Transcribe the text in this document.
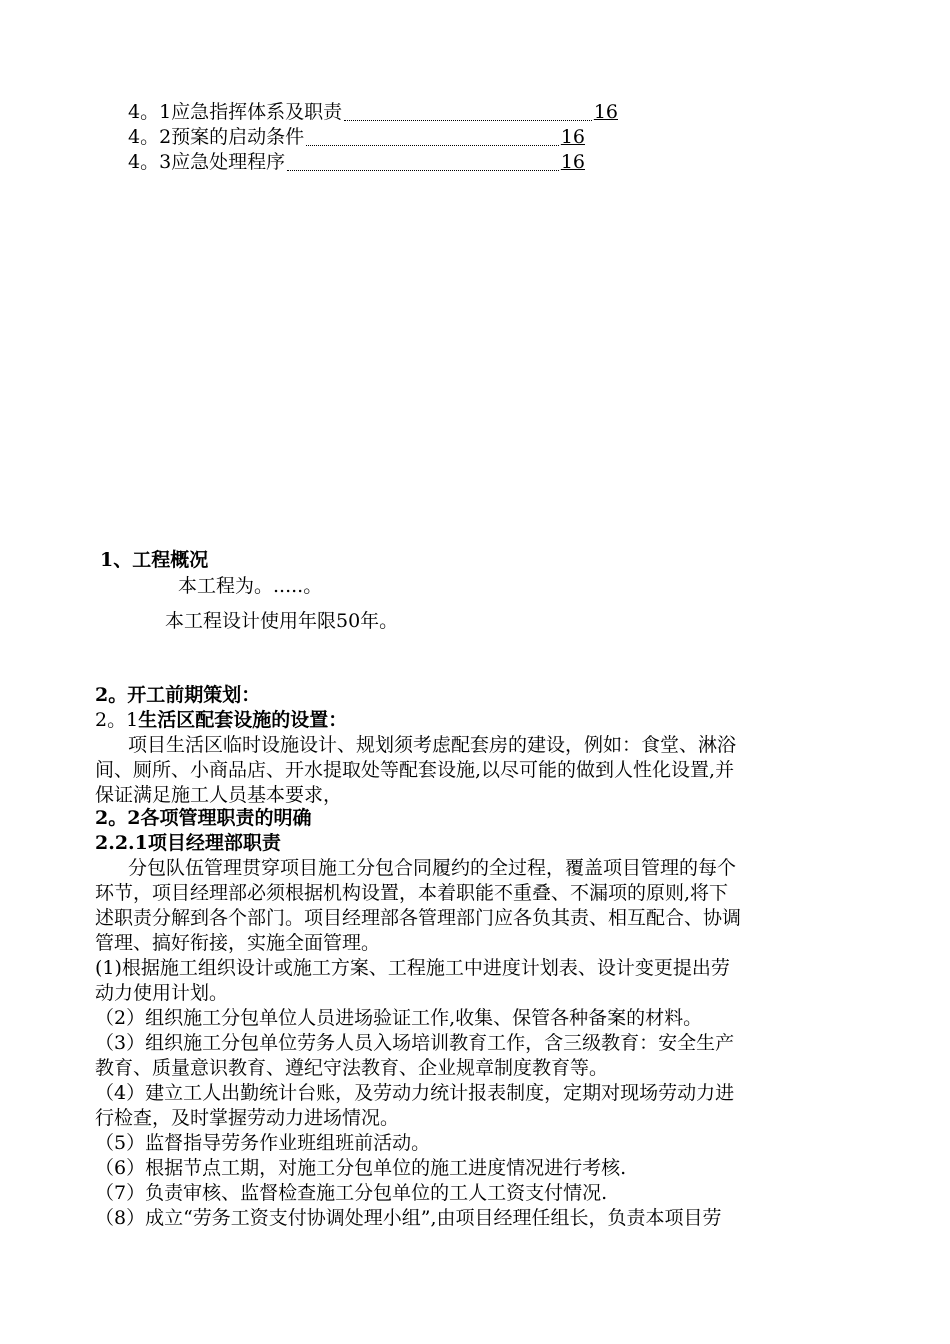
4。1应急指挥体系及职责	16
4。2预案的启动条件	16
4。3应急处理程序	16
1、工程概况
本工程为。.....。
本工程设计使用年限50年。
2。开工前期策划：
2。1生活区配套设施的设置：

项目生活区临时设施设计、规划须考虑配套房的建设，例如：食堂、淋浴

间、厕所、小商品店、开水提取处等配套设施,以尽可能的做到人性化设置,并

保证满足施工人员基本要求，

2。2各项管理职责的明确
2.2.1项目经理部职责

分包队伍管理贯穿项目施工分包合同履约的全过程，覆盖项目管理的每个

环节，项目经理部必须根据机构设置，本着职能不重叠、不漏项的原则,将下

述职责分解到各个部门。项目经理部各管理部门应各负其责、相互配合、协调

管理、搞好衔接，实施全面管理。

(1)根据施工组织设计或施工方案、工程施工中进度计划表、设计变更提出劳

动力使用计划。

（2）组织施工分包单位人员进场验证工作,收集、保管各种备案的材料。

（3）组织施工分包单位劳务人员入场培训教育工作，含三级教育：安全生产

教育、质量意识教育、遵纪守法教育、企业规章制度教育等。

（4）建立工人出勤统计台账，及劳动力统计报表制度，定期对现场劳动力进

行检查，及时掌握劳动力进场情况。

（5）监督指导劳务作业班组班前活动。

（6）根据节点工期，对施工分包单位的施工进度情况进行考核.

（7）负责审核、监督检查施工分包单位的工人工资支付情况.

（8）成立“劳务工资支付协调处理小组”,由项目经理任组长，负责本项目劳
